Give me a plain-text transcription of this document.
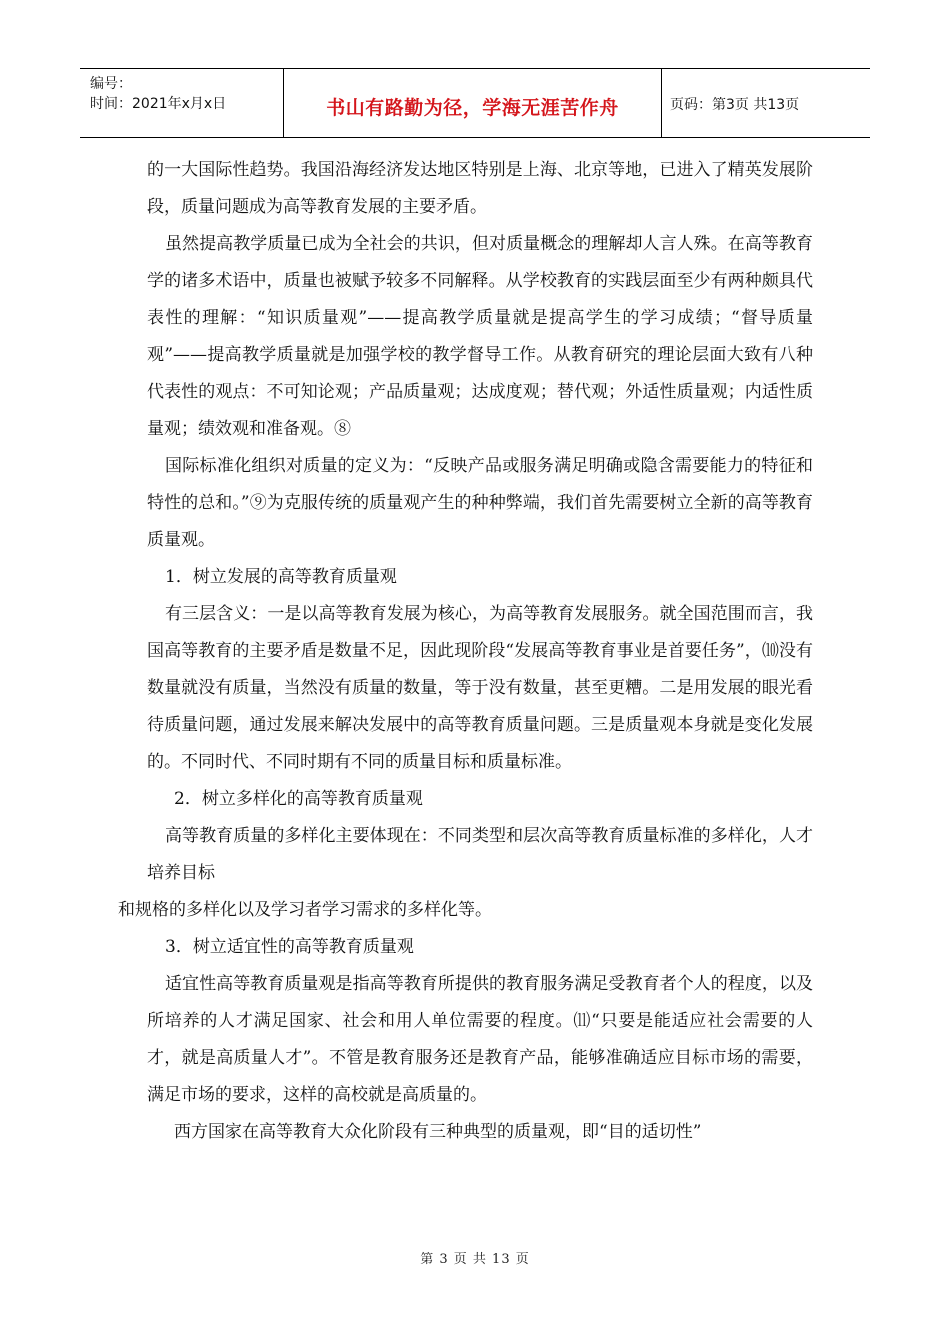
编号：
时间：2021年x月x日	书山有路勤为径，学海无涯苦作舟	页码：第3页 共13页

的一大国际性趋势。我国沿海经济发达地区特别是上海、北京等地，已进入了精英发展阶段，质量问题成为高等教育发展的主要矛盾。

虽然提高教学质量已成为全社会的共识，但对质量概念的理解却人言人殊。在高等教育学的诸多术语中，质量也被赋予较多不同解释。从学校教育的实践层面至少有两种颇具代表性的理解：“知识质量观”——提高教学质量就是提高学生的学习成绩；“督导质量观”——提高教学质量就是加强学校的教学督导工作。从教育研究的理论层面大致有八种代表性的观点：不可知论观；产品质量观；达成度观；替代观；外适性质量观；内适性质量观；绩效观和准备观。⑧

国际标准化组织对质量的定义为：“反映产品或服务满足明确或隐含需要能力的特征和特性的总和。”⑨为克服传统的质量观产生的种种弊端，我们首先需要树立全新的高等教育质量观。

1．树立发展的高等教育质量观

有三层含义：一是以高等教育发展为核心，为高等教育发展服务。就全国范围而言，我国高等教育的主要矛盾是数量不足，因此现阶段“发展高等教育事业是首要任务”，⑽没有数量就没有质量，当然没有质量的数量，等于没有数量，甚至更糟。二是用发展的眼光看待质量问题，通过发展来解决发展中的高等教育质量问题。三是质量观本身就是变化发展的。不同时代、不同时期有不同的质量目标和质量标准。

2．树立多样化的高等教育质量观

高等教育质量的多样化主要体现在：不同类型和层次高等教育质量标准的多样化，人才培养目标

和规格的多样化以及学习者学习需求的多样化等。

3．树立适宜性的高等教育质量观

适宜性高等教育质量观是指高等教育所提供的教育服务满足受教育者个人的程度，以及所培养的人才满足国家、社会和用人单位需要的程度。⑾“只要是能适应社会需要的人才，就是高质量人才”。不管是教育服务还是教育产品，能够准确适应目标市场的需要，满足市场的要求，这样的高校就是高质量的。

西方国家在高等教育大众化阶段有三种典型的质量观，即“目的适切性”

第 3 页 共 13 页
